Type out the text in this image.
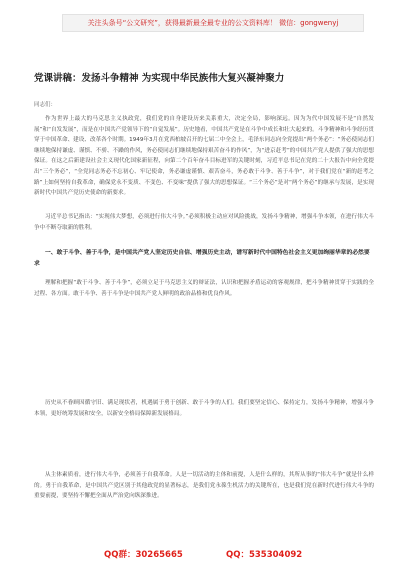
关注头条号“公文研究”，获得最新最全最专业的公文资料库！ 微信：gongwenyj
党课讲稿：发扬斗争精神 为实现中华民族伟大复兴凝神聚力
同志们：

作为世界上最大的马克思主义执政党，我们党的自身建设历来关系重大，决定全局，影响深远。因为为代中国发展不是“自然发展”和“自发发展”，而是在中国共产党领导下的“自觉发展”。历史地看，中国共产党是在斗争中成长和壮大起来的。斗争精神和斗争经历贯穿于中国革命、建设、改革各个时期。1949年3月在党西柏坡召开的七届二中全会上，毛泽东同志向全党提出“两个务必”：“务必使同志们继续地保持谦虚、谨慎、不骄、不躁的作风，务必使同志们继续地保持艰苦奋斗的作风”，为“进京赶考”的中国共产党人提供了强大的思想保证。在这之后新建设社会主义现代化国家新征程，向第二个百年奋斗目标进军的关键时刻，习近平总书记在党的二十大报告中向全党提出“三个务必”，“全党同志务必不忘初心、牢记使命，务必谦虚谨慎、艰苦奋斗，务必敢于斗争、善于斗争”，对于我们党在“新的赶考之路”上如何坚持自我革命，确保党永不变质、不变色、不变味”提供了强大的思想保证。“三个务必”是对“两个务必”的继承与发展，是实现新时代中国共产党历史使命的新要求。

习近平总书记指出：“实现伟大梦想，必须进行伟大斗争。”必须积极主动应对风险挑战，发扬斗争精神，增强斗争本领，在进行伟大斗争中不断夺取新的胜利。

一、敢于斗争、善于斗争，是中国共产党人坚定历史自信、增强历史主动，谱写新时代中国特色社会主义更加绚丽华章的必然要求

理解和把握“敢于斗争、善于斗争”，必须立足于马克思主义的辩证法，认识和把握矛盾运动的客观规律，把斗争精神贯穿于实践的全过程、各方面。敢于斗争、善于斗争是中国共产党人鲜明的政治品格和优良作风。

历史从不眷顾因循守旧、满足现状者，机遇属于勇于创新、敢于斗争的人们。我们要坚定信心、保持定力，发扬斗争精神，增强斗争本领，更好统筹发展和安全，以新安全格局保障新发展格局。

从主体素质看，进行伟大斗争，必须善于自我革命。人是一切活动的主体和前提，人是什么样的，其所从事的“伟大斗争”就是什么样的。勇于自我革命，是中国共产党区别于其他政党的显著标志，是我们党永葆生机活力的关键所在，也是我们党在新时代进行伟大斗争的重要前提，要坚持不懈把全面从严治党向纵深推进。

QQ群：30265665	QQ：535304092
